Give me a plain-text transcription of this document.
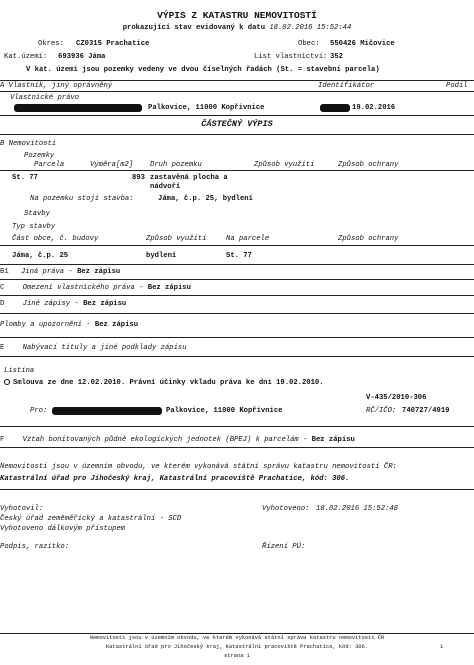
VÝPIS Z KATASTRU NEMOVITOSTÍ
prokazující stav evidovaný k datu 18.02.2016 15:52:44
Okres: CZ0315 Prachatice	Obec: 550426 Mičovice
Kat.území: 693936 Jáma	List vlastnictví: 352
V kat. území jsou pozemky vedeny ve dvou číselných řadách (St. = stavební parcela)
A Vlastník, jiný oprávněný	Identifikátor	Podíl
Vlastnické právo
Palkovice, 11000 Kopřivnice	19.02.2016
ČÁSTEČNÝ VÝPIS
B Nemovitosti
Pozemky
Parcela	Výměra[m2] Druh pozemku	Způsob využití	Způsob ochrany
St. 77	893 zastavěná plocha a
nádvoří
Na pozemku stojí stavba:	Jáma, č.p. 25, bydlení
Stavby
Typ stavby
Část obce, č. budovy	Způsob využití	Na parcele	Způsob ochrany
Jáma, č.p. 25	bydlení	St. 77
B1 Jiná práva - Bez zápisu
C	Omezení vlastnického práva - Bez zápisu
D	Jiné zápisy - Bez zápisu
Plomby a upozornění - Bez zápisu
E	Nabývací tituly a jiné podklady zápisu
Listina
Smlouva ze dne 12.02.2010. Právní účinky vkladu práva ke dni 19.02.2010.
V-435/2010-306
Pro:	Palkovice, 11000 Kopřivnice	RČ/IČO: 740727/4919
F	Vztah bonitovaných půdně ekologických jednotek (BPEJ) k parcelám - Bez zápisu
Nemovitosti jsou v územním obvodu, ve kterém vykonává státní správu katastru nemovitostí ČR:
Katastrální úřad pro Jihočeský kraj, Katastrální pracoviště Prachatice, kód: 306.
Vyhotovil:
Český úřad zeměměřický a katastrální - SCD
Vyhotoveno dálkovým přístupem
Vyhotoveno: 18.02.2016 15:52:48
Podpis, razítko:	Řízení PÚ:
Nemovitosti jsou v územním obvodu, ve kterém vykonává státní správu katastru nemovitostí ČR
Katastrální úřad pro Jihočeský kraj, Katastrální pracoviště Prachatice, kód: 306.	1
strana 1
